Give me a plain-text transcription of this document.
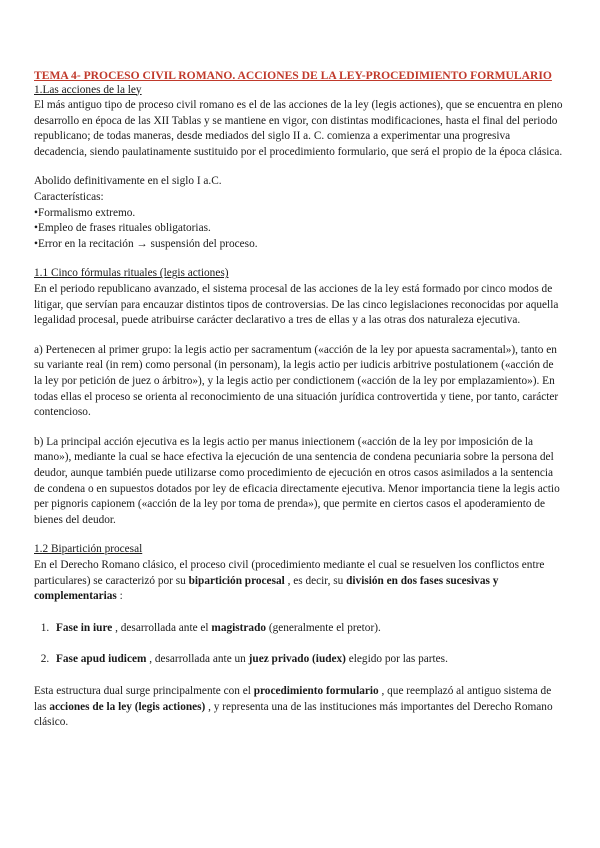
TEMA 4- PROCESO CIVIL ROMANO. ACCIONES DE LA LEY-PROCEDIMIENTO FORMULARIO

1.Las acciones de la ley

El más antiguo tipo de proceso civil romano es el de las acciones de la ley (legis actiones), que se encuentra en pleno desarrollo en época de las XII Tablas y se mantiene en vigor, con distintas modificaciones, hasta el final del periodo republicano; de todas maneras, desde mediados del siglo II a. C. comienza a experimentar una progresiva decadencia, siendo paulatinamente sustituido por el procedimiento formulario, que será el propio de la época clásica.

Abolido definitivamente en el siglo I a.C.

Características:

•Formalismo extremo.

•Empleo de frases rituales obligatorias.

•Error en la recitación → suspensión del proceso.

1.1 Cinco fórmulas rituales (legis actiones)

En el periodo republicano avanzado, el sistema procesal de las acciones de la ley está formado por cinco modos de litigar, que servían para encauzar distintos tipos de controversias. De las cinco legislaciones reconocidas por aquella legalidad procesal, puede atribuirse carácter declarativo a tres de ellas y a las otras dos naturaleza ejecutiva.

a) Pertenecen al primer grupo: la legis actio per sacramentum («acción de la ley por apuesta sacramental»), tanto en su variante real (in rem) como personal (in personam), la legis actio per iudicis arbitrive postulationem («acción de la ley por petición de juez o árbitro»), y la legis actio per condictionem («acción de la ley por emplazamiento»). En todas ellas el proceso se orienta al reconocimiento de una situación jurídica controvertida y tiene, por tanto, carácter contencioso.

b) La principal acción ejecutiva es la legis actio per manus iniectionem («acción de la ley por imposición de la mano»), mediante la cual se hace efectiva la ejecución de una sentencia de condena pecuniaria sobre la persona del deudor, aunque también puede utilizarse como procedimiento de ejecución en otros casos asimilados a la sentencia de condena o en supuestos dotados por ley de eficacia directamente ejecutiva. Menor importancia tiene la legis actio per pignoris capionem («acción de la ley por toma de prenda»), que permite en ciertos casos el apoderamiento de bienes del deudor.

1.2 Bipartición procesal

En el Derecho Romano clásico, el proceso civil (procedimiento mediante el cual se resuelven los conflictos entre particulares) se caracterizó por su bipartición procesal , es decir, su división en dos fases sucesivas y complementarias :

1. Fase in iure , desarrollada ante el magistrado (generalmente el pretor).
2. Fase apud iudicem , desarrollada ante un juez privado (iudex) elegido por las partes.

Esta estructura dual surge principalmente con el procedimiento formulario , que reemplazó al antiguo sistema de las acciones de la ley (legis actiones) , y representa una de las instituciones más importantes del Derecho Romano clásico.
